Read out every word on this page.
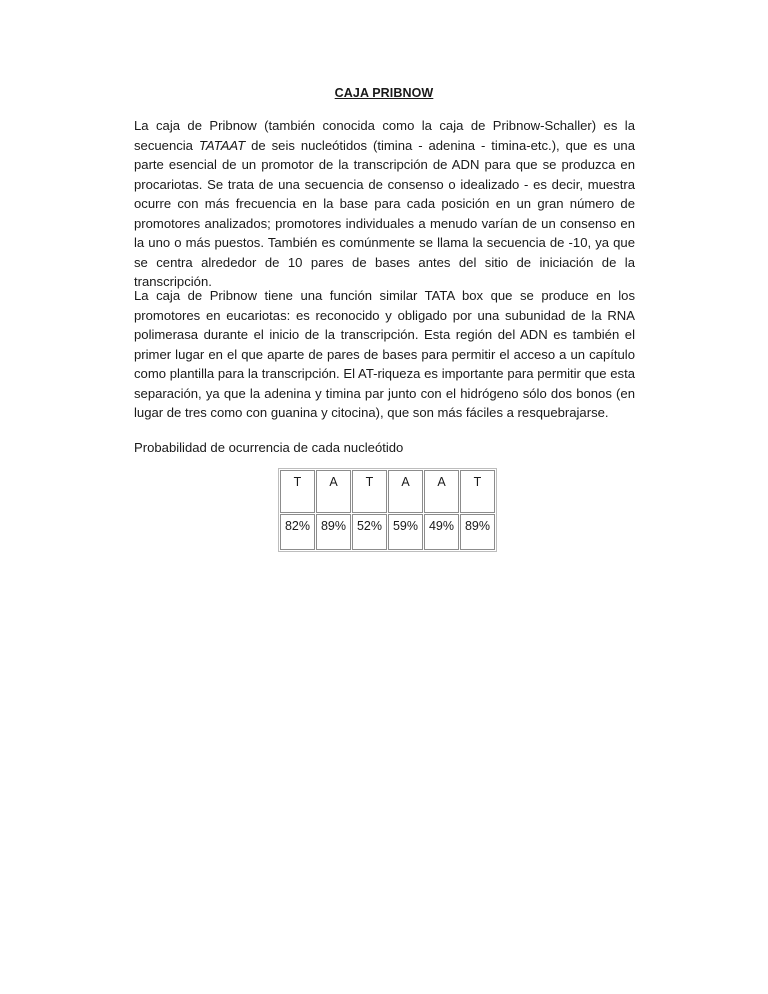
CAJA PRIBNOW

La caja de Pribnow (también conocida como la caja de Pribnow-Schaller) es la secuencia TATAAT de seis nucleótidos (timina - adenina - timina-etc.), que es una parte esencial de un promotor de la transcripción de ADN para que se produzca en procariotas. Se trata de una secuencia de consenso o idealizado - es decir, muestra ocurre con más frecuencia en la base para cada posición en un gran número de promotores analizados; promotores individuales a menudo varían de un consenso en la uno o más puestos. También es comúnmente se llama la secuencia de -10, ya que se centra alrededor de 10 pares de bases antes del sitio de iniciación de la transcripción.

La caja de Pribnow tiene una función similar TATA box que se produce en los promotores en eucariotas: es reconocido y obligado por una subunidad de la RNA polimerasa durante el inicio de la transcripción. Esta región del ADN es también el primer lugar en el que aparte de pares de bases para permitir el acceso a un capítulo como plantilla para la transcripción. El AT-riqueza es importante para permitir que esta separación, ya que la adenina y timina par junto con el hidrógeno sólo dos bonos (en lugar de tres como con guanina y citocina), que son más fáciles a resquebrajarse.

Probabilidad de ocurrencia de cada nucleótido

T	A	T	A	A	T
82%	89%	52%	59%	49%	89%
